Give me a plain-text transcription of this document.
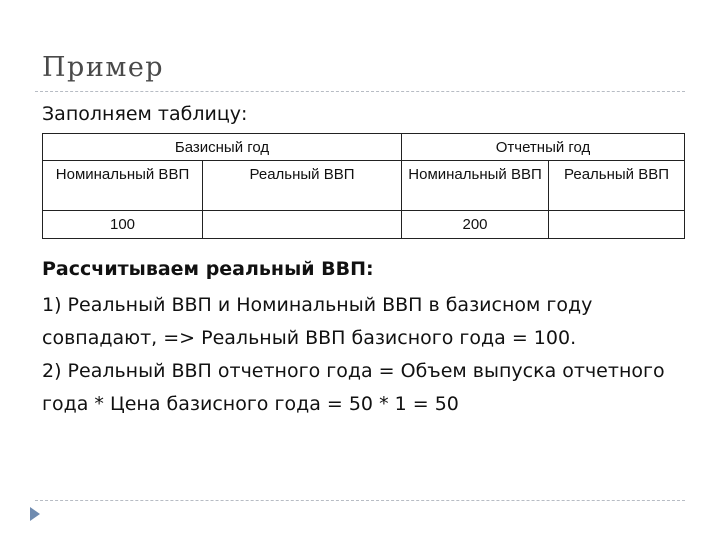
Пример
Заполняем таблицу:
Базисный год		Отчетный год	
Номинальный ВВП	Реальный ВВП	Номинальный ВВП	Реальный ВВП
100		200	
Рассчитываем реальный ВВП:
1) Реальный ВВП и Номинальный ВВП в базисном году совпадают, => Реальный ВВП базисного года = 100.
2) Реальный ВВП отчетного года = Объем выпуска отчетного года * Цена базисного года = 50 * 1 = 50
